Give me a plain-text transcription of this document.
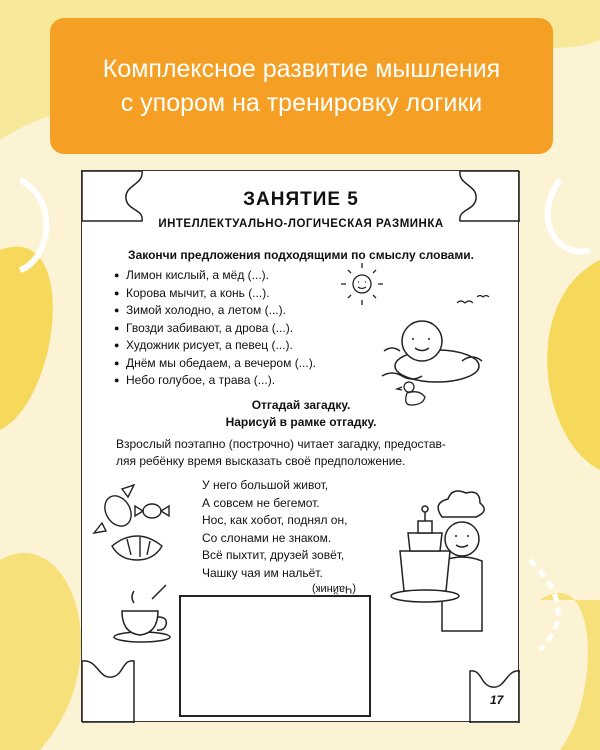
Комплексное развитие мышления
с упором на тренировку логики
ЗАНЯТИЕ 5
ИНТЕЛЛЕКТУАЛЬНО-ЛОГИЧЕСКАЯ РАЗМИНКА
Закончи предложения подходящими по смыслу словами.
● Лимон кислый, а мёд (...).
● Корова мычит, а конь (...).
● Зимой холодно, а летом (...).
● Гвозди забивают, а дрова (...).
● Художник рисует, а певец (...).
● Днём мы обедаем, а вечером (...).
● Небо голубое, а трава (...).
Отгадай загадку.
Нарисуй в рамке отгадку.
Взрослый поэтапно (построчно) читает загадку, предостав-
ляя ребёнку время высказать своё предположение.
У него большой живот,
А совсем не бегемот.
Нос, как хобот, поднял он,
Со слонами не знаком.
Всё пыхтит, друзей зовёт,
Чашку чая им нальёт.
(Чайник)
17
